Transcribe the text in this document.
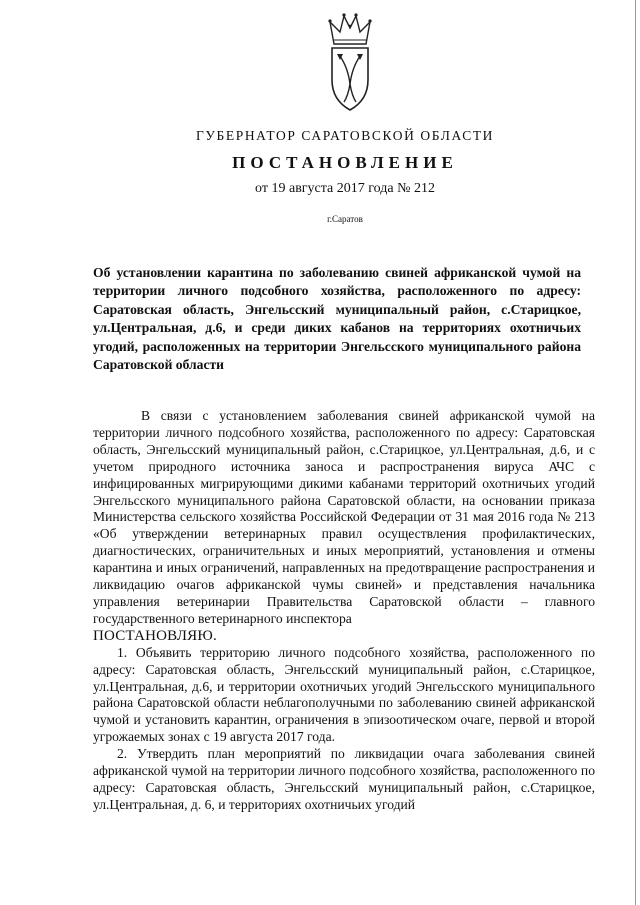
ГУБЕРНАТОР САРАТОВСКОЙ ОБЛАСТИ
ПОСТАНОВЛЕНИЕ
от 19 августа 2017 года № 212
г.Саратов

Об установлении карантина по заболеванию свиней африканской чумой на территории личного подсобного хозяйства, расположенного по адресу: Саратовская область, Энгельсский муниципальный район, с.Старицкое, ул.Центральная, д.6, и среди диких кабанов на территориях охотничьих угодий, расположенных на территории Энгельсского муниципального района Саратовской области

В связи с установлением заболевания свиней африканской чумой на территории личного подсобного хозяйства, расположенного по адресу: Саратовская область, Энгельсский муниципальный район, с.Старицкое, ул.Центральная, д.6, и с учетом природного источника заноса и распространения вируса АЧС с инфицированных мигрирующими дикими кабанами территорий охотничьих угодий Энгельсского муниципального района Саратовской области, на основании приказа Министерства сельского хозяйства Российской Федерации от 31 мая 2016 года № 213 «Об утверждении ветеринарных правил осуществления профилактических, диагностических, ограничительных и иных мероприятий, установления и отмены карантина и иных ограничений, направленных на предотвращение распространения и ликвидацию очагов африканской чумы свиней» и представления начальника управления ветеринарии Правительства Саратовской области – главного государственного ветеринарного инспектора

ПОСТАНОВЛЯЮ.

1. Объявить территорию личного подсобного хозяйства, расположенного по адресу: Саратовская область, Энгельсский муниципальный район, с.Старицкое, ул.Центральная, д.6, и территории охотничьих угодий Энгельсского муниципального района Саратовской области неблагополучными по заболеванию свиней африканской чумой и установить карантин, ограничения в эпизоотическом очаге, первой и второй угрожаемых зонах с 19 августа 2017 года.

2. Утвердить план мероприятий по ликвидации очага заболевания свиней африканской чумой на территории личного подсобного хозяйства, расположенного по адресу: Саратовская область, Энгельсский муниципальный район, с.Старицкое, ул.Центральная, д. 6, и территориях охотничьих угодий
